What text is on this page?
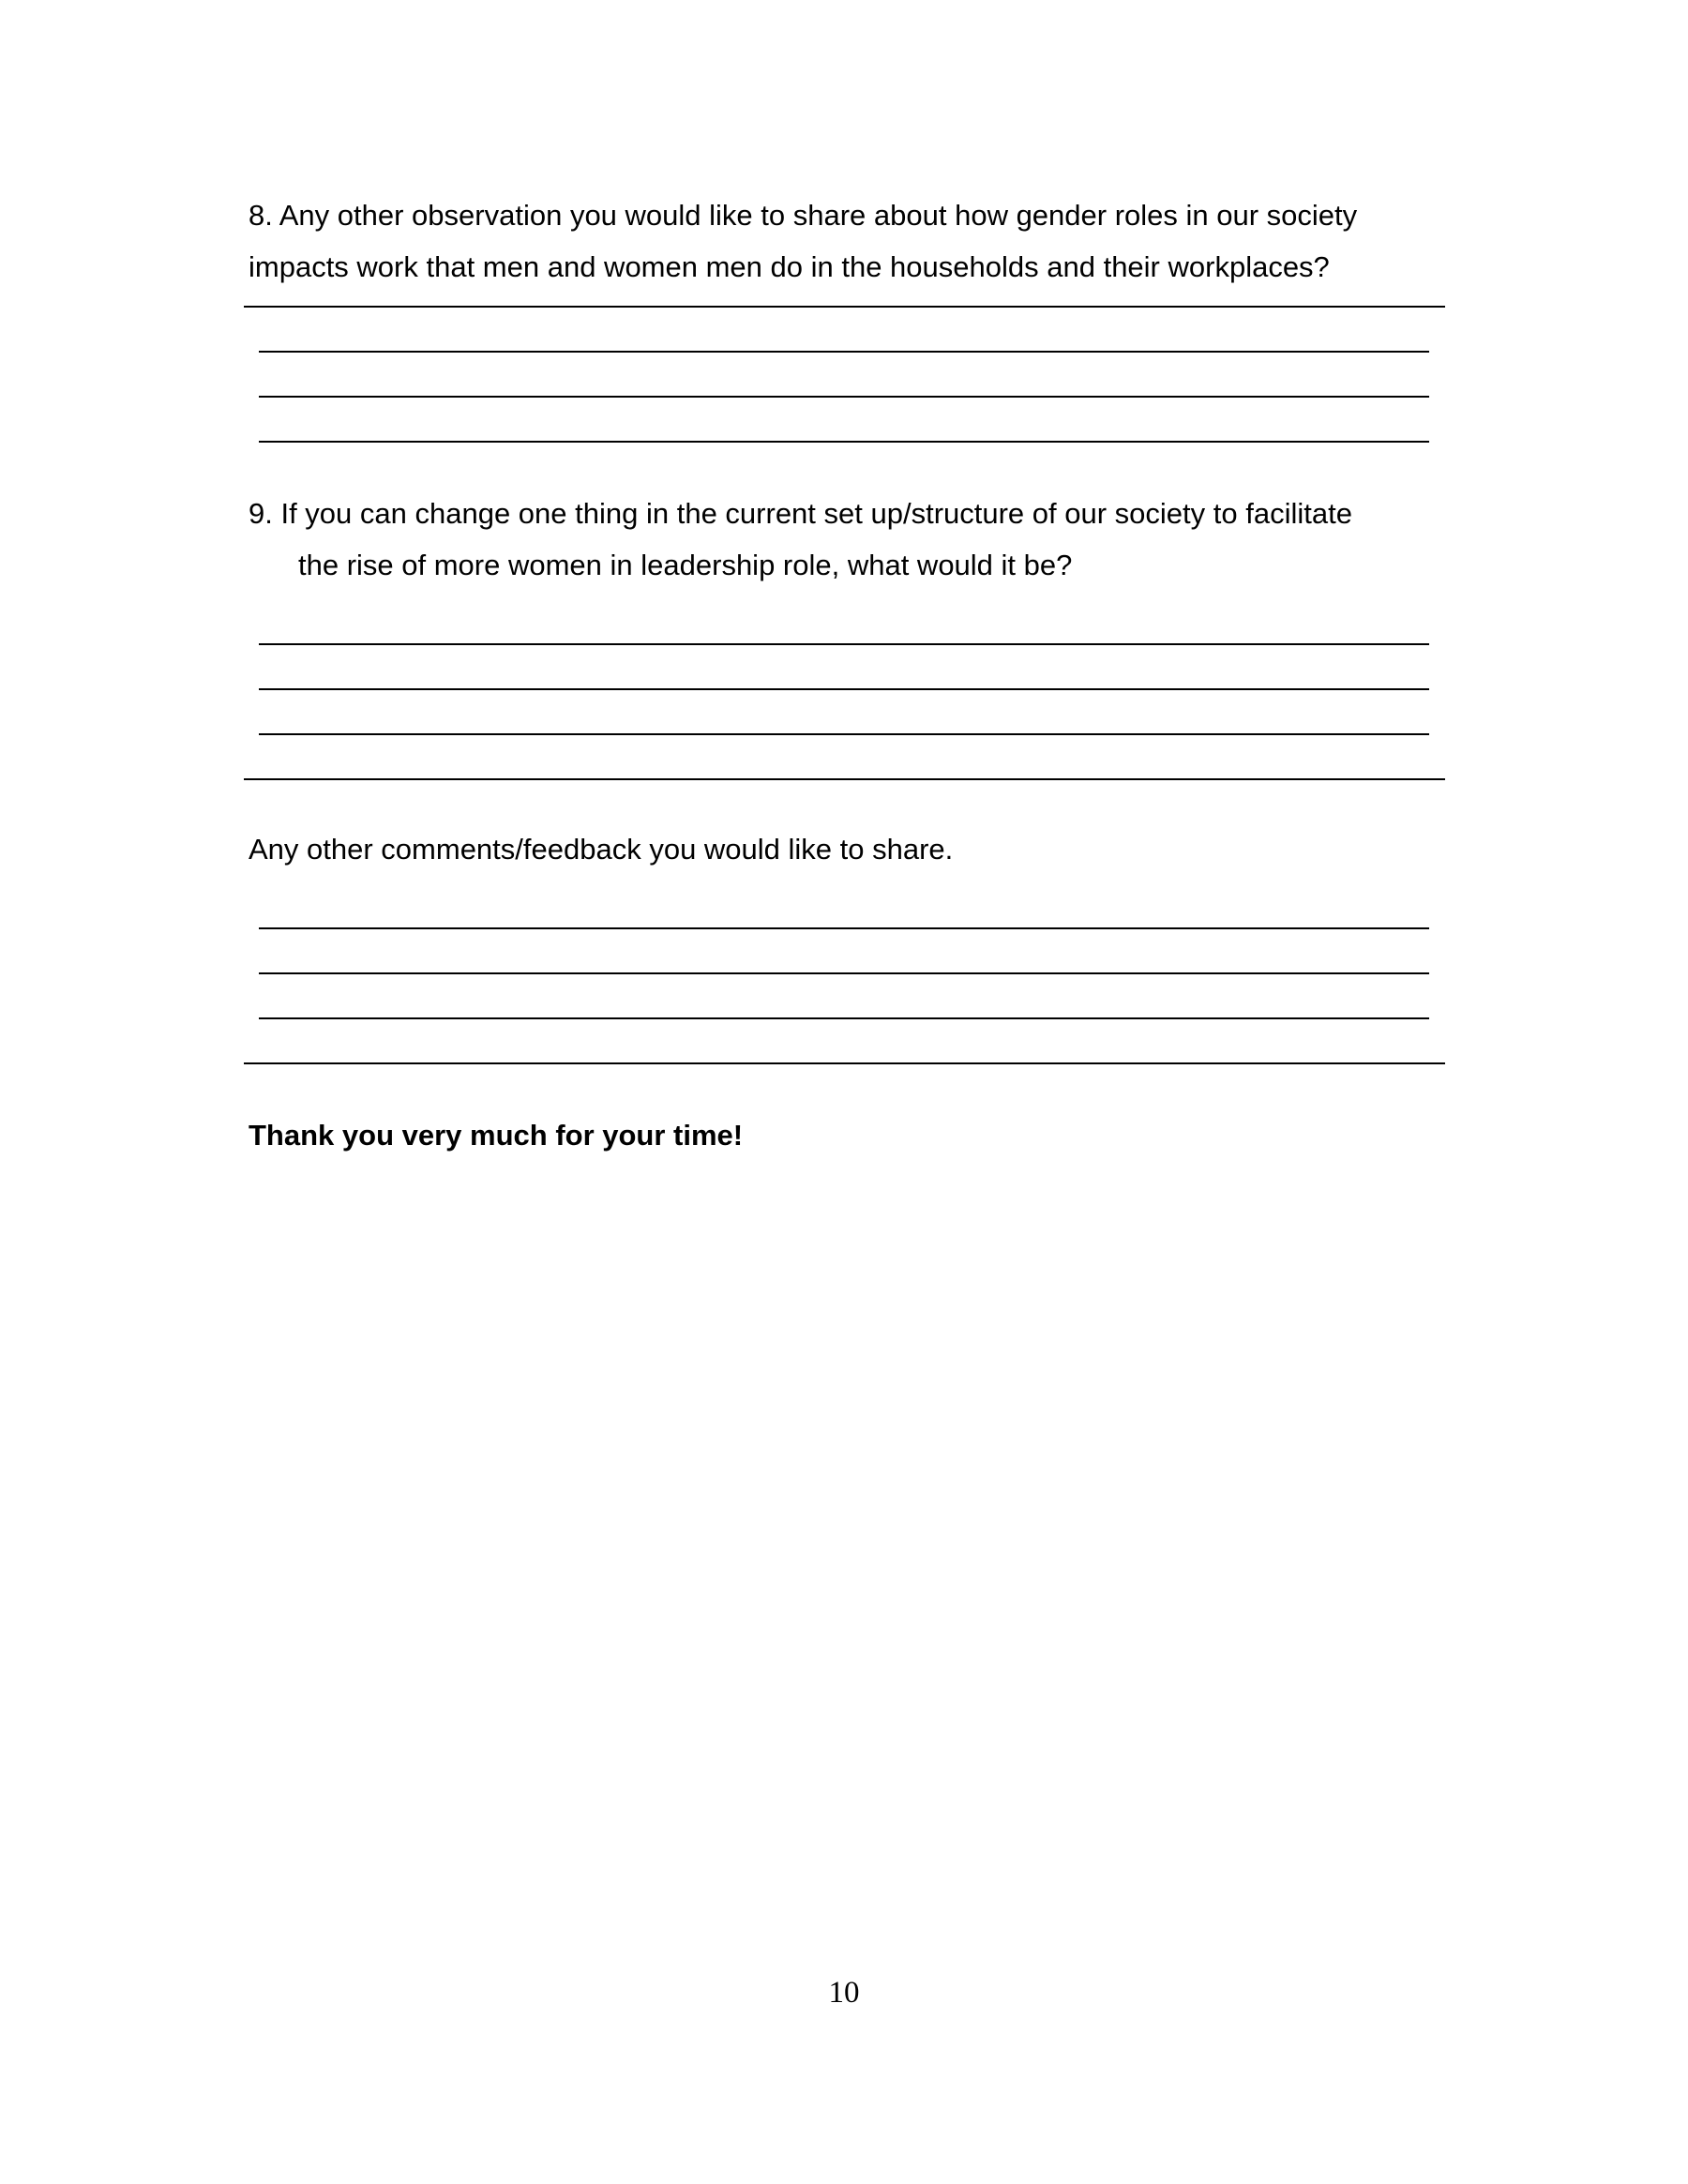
8. Any other observation you would like to share about how gender roles in our society
impacts work that men and women men do in the households and their workplaces?
9. If you can change one thing in the current set up/structure of our society to facilitate
the rise of more women in leadership role, what would it be?
Any other comments/feedback you would like to share.
Thank you very much for your time!
10
